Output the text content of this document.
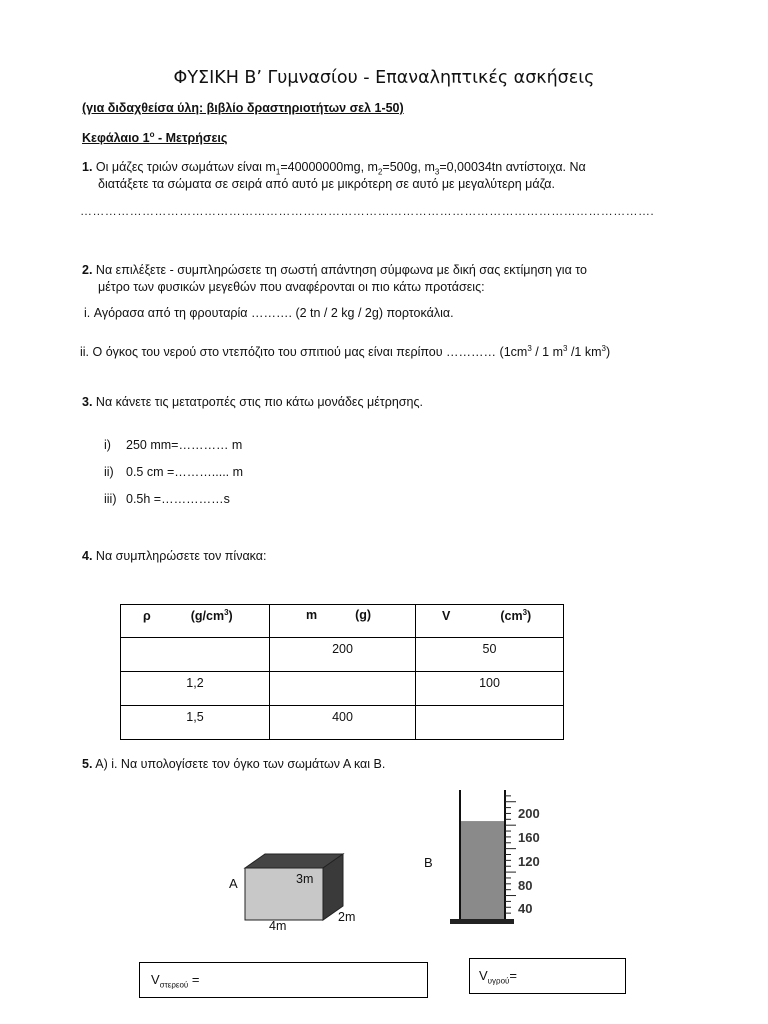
ΦΥΣΙΚΗ Β’ Γυμνασίου - Επαναληπτικές ασκήσεις
(για διδαχθείσα ύλη: βιβλίο δραστηριοτήτων σελ 1-50)
Κεφάλαιο $1^o$ - Μετρήσεις
1. Οι μάζες τριών σωμάτων είναι $m_1=40000000mg$, $m_2=500g$, $m_3=0,00034tn$ αντίστοιχα. Να
διατάξετε τα σώματα σε σειρά από αυτό με μικρότερη σε αυτό με μεγαλύτερη μάζα.
………………………………………………………………………………………………………………………….
2. Να επιλέξετε - συμπληρώσετε τη σωστή απάντηση σύμφωνα με δική σας εκτίμηση για το
μέτρο των φυσικών μεγεθών που αναφέρονται οι πιο κάτω προτάσεις:
i. Αγόρασα από τη φρουταρία ………. (2 tn / 2 kg / 2g) πορτοκάλια.
ii. Ο όγκος του νερού στο ντεπόζιτο του σπιτιού μας είναι περίπου ………… ($1cm^3 / 1$ $m^3$ /1 $km^3$)
3. Να κάνετε τις μετατροπές στις πιο κάτω μονάδες μέτρησης.
i) 250 mm=………… m
ii) 0.5 cm =………..... m
iii) 0.5h =……………s
4. Να συμπληρώσετε τον πίνακα:
ρ $(g/cm^3)$	m (g)	V $(cm^3)$
	200	50
1,2		100
1,5	400	
5. A) i. Να υπολογίσετε τον όγκο των σωμάτων Α και Β.
A	3m
2m
4m
B
200
160
120
80
40
$V_{\sigma\tau\varepsilon\rho\varepsilon oύ}$ =	$V_{\upsilon\gamma\rho oύ}=$
